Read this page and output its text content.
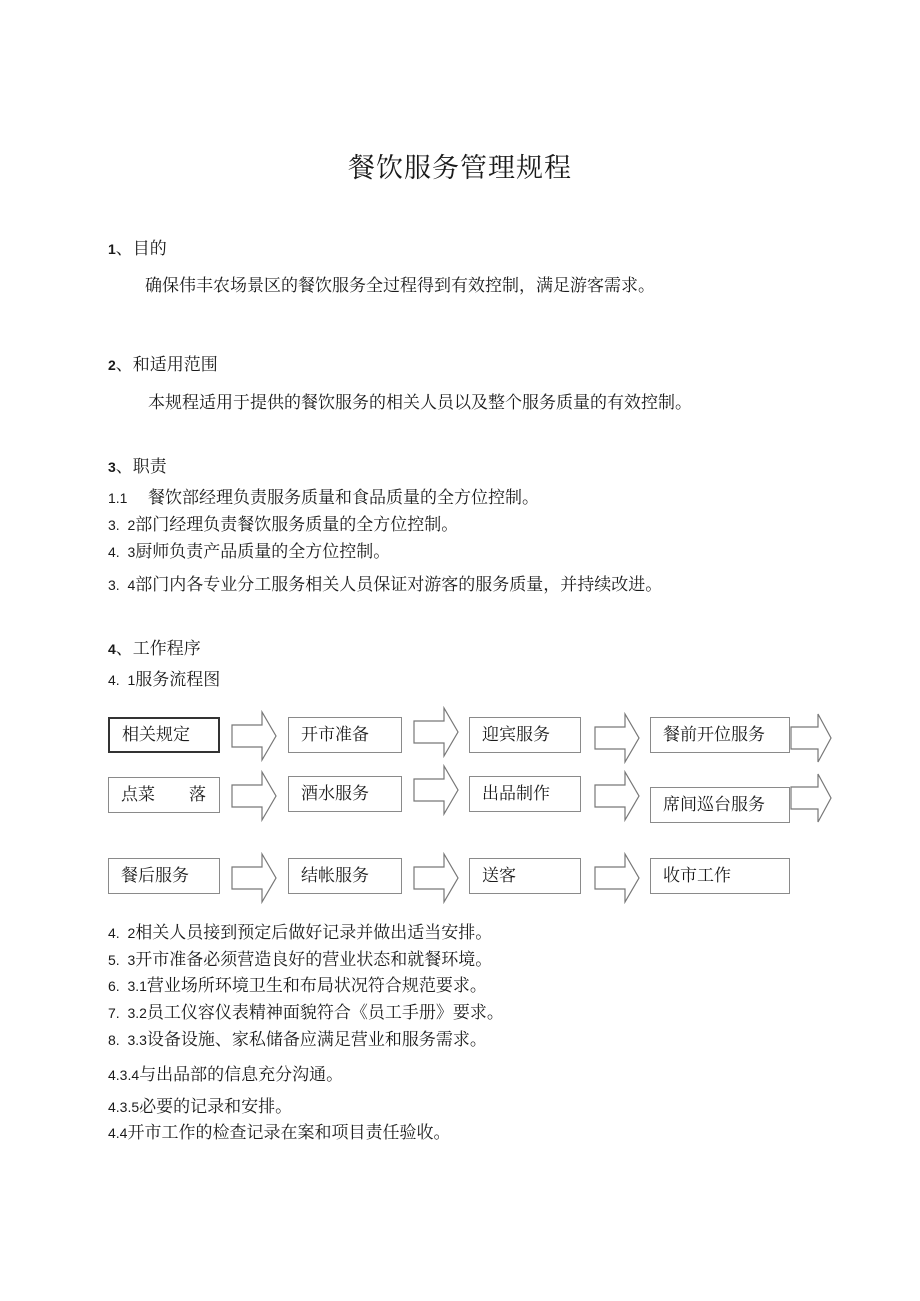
餐饮服务管理规程
1、目的
确保伟丰农场景区的餐饮服务全过程得到有效控制，满足游客需求。
2、和适用范围
本规程适用于提供的餐饮服务的相关人员以及整个服务质量的有效控制。
3、职责
1.1 餐饮部经理负责服务质量和食品质量的全方位控制。
3.  2部门经理负责餐饮服务质量的全方位控制。
4.  3厨师负责产品质量的全方位控制。
3.  4部门内各专业分工服务相关人员保证对游客的服务质量，并持续改进。
4、工作程序
4.  1服务流程图
相关规定	开市准备	迎宾服务	餐前开位服务
点菜　　落	酒水服务	出品制作
席间巡台服务
餐后服务	结帐服务	送客	收市工作
4.  2相关人员接到预定后做好记录并做出适当安排。
5.  3开市准备必须营造良好的营业状态和就餐环境。
6.  3.1营业场所环境卫生和布局状况符合规范要求。
7.  3.2员工仪容仪表精神面貌符合《员工手册》要求。
8.  3.3设备设施、家私储备应满足营业和服务需求。
4.3.4与出品部的信息充分沟通。
4.3.5必要的记录和安排。
4.4开市工作的检查记录在案和项目责任验收。
